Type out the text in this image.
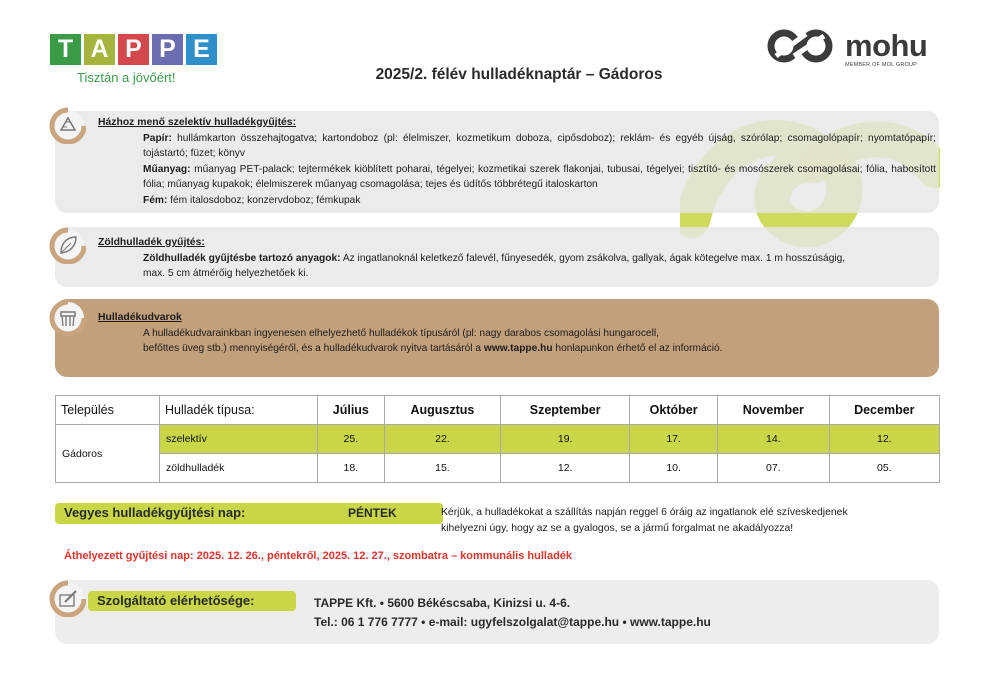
T A P P E
Tisztán a jövőért!	2025/2. félév hulladéknaptár – Gádoros
mohu
MEMBER OF MOL GROUP
Házhoz menő szelektív hulladékgyűjtés:
Papír: hullámkarton összehajtogatva; kartondoboz (pl: élelmiszer, kozmetikum doboza, cipősdoboz); reklám- és egyéb újság, szórólap; csomagolópapír; nyomtatópapír; tojástartó; füzet; könyv
Műanyag: műanyag PET-palack; tejtermékek kiöblített poharai, tégelyei; kozmetikai szerek flakonjai, tubusai, tégelyei; tisztító- és mosószerek csomagolásai; fólia, habosított fólia; műanyag kupakok; élelmiszerek műanyag csomagolása; tejes és üdítős többrétegű italoskarton
Fém: fém italosdoboz; konzervdoboz; fémkupak
Zöldhulladék gyűjtés:
Zöldhulladék gyűjtésbe tartozó anyagok: Az ingatlanoknál keletkező falevél, fűnyesedék, gyom zsákolva, gallyak, ágak kötegelve max. 1 m hosszúságig, max. 5 cm átmérőig helyezhetőek ki.
Hulladékudvarok
A hulladékudvarainkban ingyenesen elhelyezhető hulladékok típusáról (pl: nagy darabos csomagolási hungarocell,
befőttes üveg stb.) mennyiségéről, és a hulladékudvarok nyitva tartásáról a www.tappe.hu honlapunkon érhető el az információ.
Település	Hulladék típusa:	Július	Augusztus	Szeptember	Október	November	December
Gádoros	szelektív	25.	22.	19.	17.	14.	12.
	zöldhulladék	18.	15.	12.	10.	07.	05.
Vegyes hulladékgyűjtési nap:	PÉNTEK	Kérjük, a hulladékokat a szállítás napján reggel 6 óráig az ingatlanok elé szíveskedjenek
kihelyezni úgy, hogy az se a gyalogos, se a jármű forgalmat ne akadályozza!
Áthelyezett gyűjtési nap: 2025. 12. 26., péntekről, 2025. 12. 27., szombatra – kommunális hulladék
Szolgáltató elérhetősége:	TAPPE Kft. • 5600 Békéscsaba, Kinizsi u. 4-6.
Tel.: 06 1 776 7777 • e-mail: ugyfelszolgalat@tappe.hu • www.tappe.hu
